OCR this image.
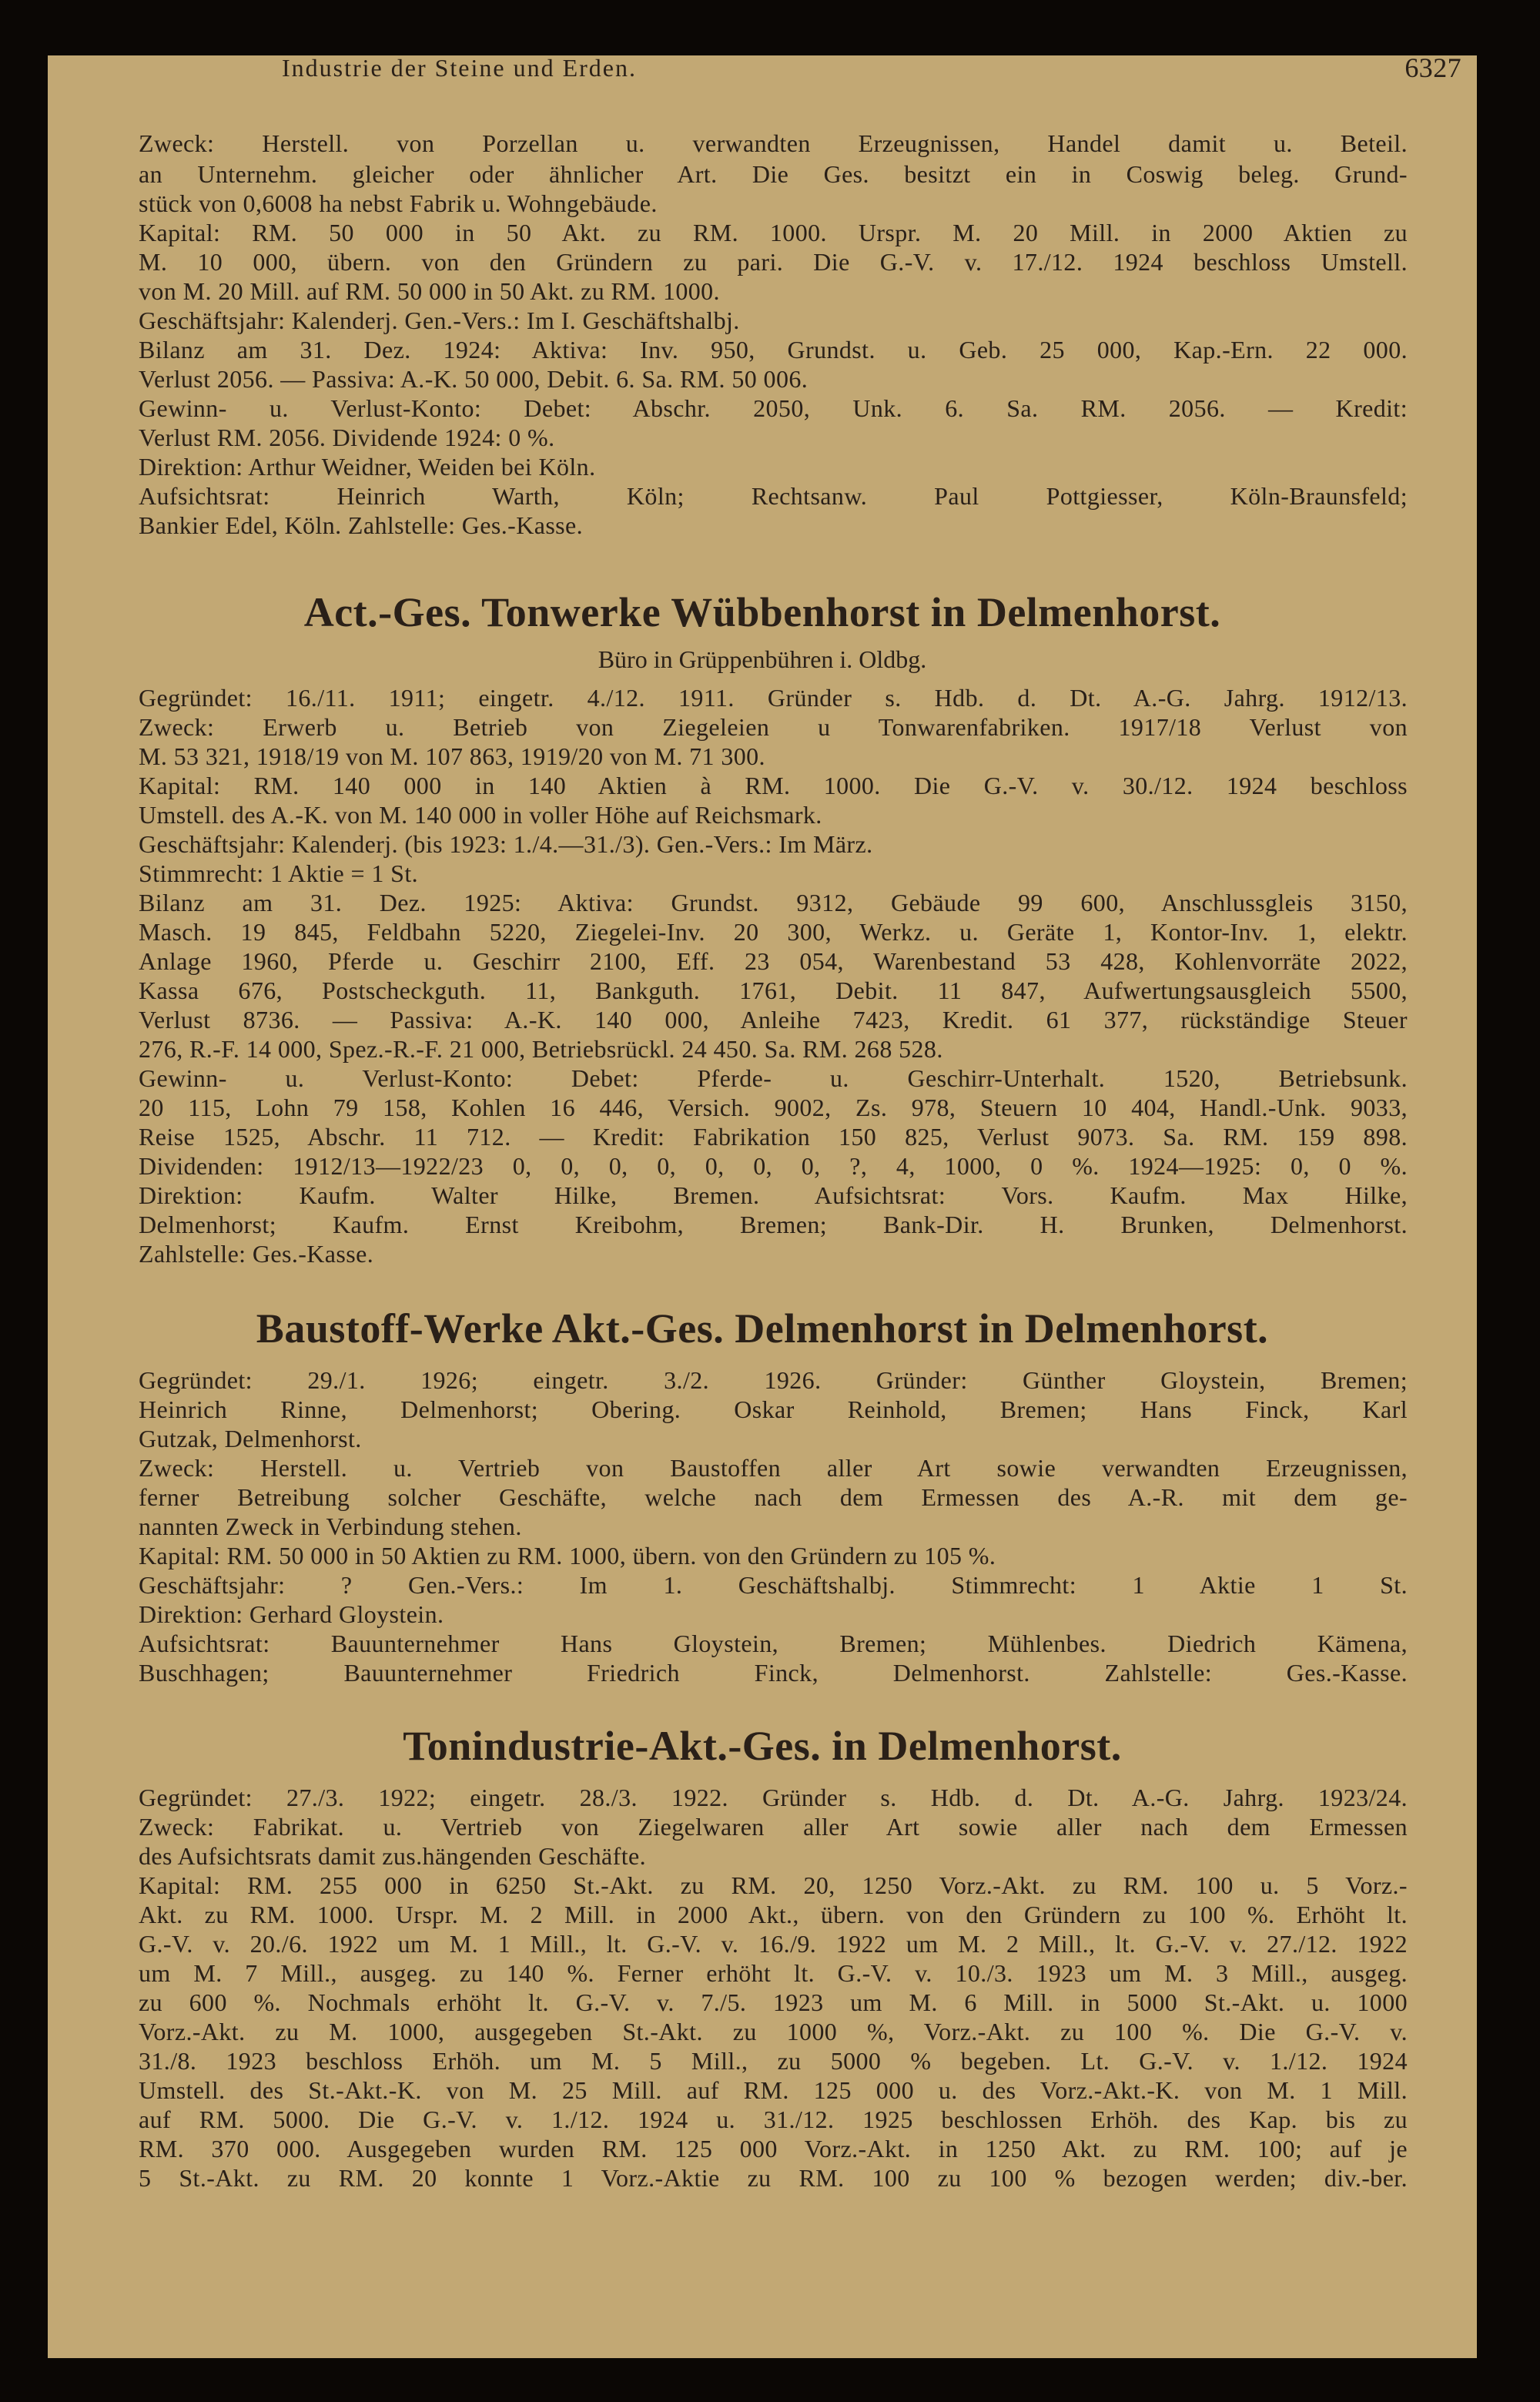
Industrie der Steine und Erden.	6327

Zweck: Herstell. von Porzellan u. verwandten Erzeugnissen, Handel damit u. Beteil.

an Unternehm. gleicher oder ähnlicher Art. Die Ges. besitzt ein in Coswig beleg. Grund-

stück von 0,6008 ha nebst Fabrik u. Wohngebäude.

Kapital: RM. 50 000 in 50 Akt. zu RM. 1000. Urspr. M. 20 Mill. in 2000 Aktien zu

M. 10 000, übern. von den Gründern zu pari. Die G.-V. v. 17./12. 1924 beschloss Umstell.

von M. 20 Mill. auf RM. 50 000 in 50 Akt. zu RM. 1000.

Geschäftsjahr: Kalenderj. Gen.-Vers.: Im I. Geschäftshalbj.

Bilanz am 31. Dez. 1924: Aktiva: Inv. 950, Grundst. u. Geb. 25 000, Kap.-Ern. 22 000.

Verlust 2056. — Passiva: A.-K. 50 000, Debit. 6. Sa. RM. 50 006.

Gewinn- u. Verlust-Konto: Debet: Abschr. 2050, Unk. 6. Sa. RM. 2056. — Kredit:

Verlust RM. 2056. Dividende 1924: 0 %.

Direktion: Arthur Weidner, Weiden bei Köln.

Aufsichtsrat: Heinrich Warth, Köln; Rechtsanw. Paul Pottgiesser, Köln-Braunsfeld;

Bankier Edel, Köln. Zahlstelle: Ges.-Kasse.

Act.-Ges. Tonwerke Wübbenhorst in Delmenhorst.

Büro in Grüppenbühren i. Oldbg.

Gegründet: 16./11. 1911; eingetr. 4./12. 1911. Gründer s. Hdb. d. Dt. A.-G. Jahrg. 1912/13.

Zweck: Erwerb u. Betrieb von Ziegeleien u Tonwarenfabriken. 1917/18 Verlust von

M. 53 321, 1918/19 von M. 107 863, 1919/20 von M. 71 300.

Kapital: RM. 140 000 in 140 Aktien à RM. 1000. Die G.-V. v. 30./12. 1924 beschloss

Umstell. des A.-K. von M. 140 000 in voller Höhe auf Reichsmark.

Geschäftsjahr: Kalenderj. (bis 1923: 1./4.—31./3). Gen.-Vers.: Im März.

Stimmrecht: 1 Aktie = 1 St.

Bilanz am 31. Dez. 1925: Aktiva: Grundst. 9312, Gebäude 99 600, Anschlussgleis 3150,

Masch. 19 845, Feldbahn 5220, Ziegelei-Inv. 20 300, Werkz. u. Geräte 1, Kontor-Inv. 1, elektr.

Anlage 1960, Pferde u. Geschirr 2100, Eff. 23 054, Warenbestand 53 428, Kohlenvorräte 2022,

Kassa 676, Postscheckguth. 11, Bankguth. 1761, Debit. 11 847, Aufwertungsausgleich 5500,

Verlust 8736. — Passiva: A.-K. 140 000, Anleihe 7423, Kredit. 61 377, rückständige Steuer

276, R.-F. 14 000, Spez.-R.-F. 21 000, Betriebsrückl. 24 450. Sa. RM. 268 528.

Gewinn- u. Verlust-Konto: Debet: Pferde- u. Geschirr-Unterhalt. 1520, Betriebsunk.

20 115, Lohn 79 158, Kohlen 16 446, Versich. 9002, Zs. 978, Steuern 10 404, Handl.-Unk. 9033,

Reise 1525, Abschr. 11 712. — Kredit: Fabrikation 150 825, Verlust 9073. Sa. RM. 159 898.

Dividenden: 1912/13—1922/23 0, 0, 0, 0, 0, 0, 0, ?, 4, 1000, 0 %. 1924—1925: 0, 0 %.

Direktion: Kaufm. Walter Hilke, Bremen. Aufsichtsrat: Vors. Kaufm. Max Hilke,

Delmenhorst; Kaufm. Ernst Kreibohm, Bremen; Bank-Dir. H. Brunken, Delmenhorst.

Zahlstelle: Ges.-Kasse.

Baustoff-Werke Akt.-Ges. Delmenhorst in Delmenhorst.

Gegründet: 29./1. 1926; eingetr. 3./2. 1926. Gründer: Günther Gloystein, Bremen;

Heinrich Rinne, Delmenhorst; Obering. Oskar Reinhold, Bremen; Hans Finck, Karl

Gutzak, Delmenhorst.

Zweck: Herstell. u. Vertrieb von Baustoffen aller Art sowie verwandten Erzeugnissen,

ferner Betreibung solcher Geschäfte, welche nach dem Ermessen des A.-R. mit dem ge-

nannten Zweck in Verbindung stehen.

Kapital: RM. 50 000 in 50 Aktien zu RM. 1000, übern. von den Gründern zu 105 %.

Geschäftsjahr: ? Gen.-Vers.: Im 1. Geschäftshalbj. Stimmrecht: 1 Aktie 1 St.

Direktion: Gerhard Gloystein.

Aufsichtsrat: Bauunternehmer Hans Gloystein, Bremen; Mühlenbes. Diedrich Kämena,

Buschhagen; Bauunternehmer Friedrich Finck, Delmenhorst. Zahlstelle: Ges.-Kasse.

Tonindustrie-Akt.-Ges. in Delmenhorst.

Gegründet: 27./3. 1922; eingetr. 28./3. 1922. Gründer s. Hdb. d. Dt. A.-G. Jahrg. 1923/24.

Zweck: Fabrikat. u. Vertrieb von Ziegelwaren aller Art sowie aller nach dem Ermessen

des Aufsichtsrats damit zus.hängenden Geschäfte.

Kapital: RM. 255 000 in 6250 St.-Akt. zu RM. 20, 1250 Vorz.-Akt. zu RM. 100 u. 5 Vorz.-

Akt. zu RM. 1000. Urspr. M. 2 Mill. in 2000 Akt., übern. von den Gründern zu 100 %. Erhöht lt.

G.-V. v. 20./6. 1922 um M. 1 Mill., lt. G.-V. v. 16./9. 1922 um M. 2 Mill., lt. G.-V. v. 27./12. 1922

um M. 7 Mill., ausgeg. zu 140 %. Ferner erhöht lt. G.-V. v. 10./3. 1923 um M. 3 Mill., ausgeg.

zu 600 %. Nochmals erhöht lt. G.-V. v. 7./5. 1923 um M. 6 Mill. in 5000 St.-Akt. u. 1000

Vorz.-Akt. zu M. 1000, ausgegeben St.-Akt. zu 1000 %, Vorz.-Akt. zu 100 %. Die G.-V. v.

31./8. 1923 beschloss Erhöh. um M. 5 Mill., zu 5000 % begeben. Lt. G.-V. v. 1./12. 1924

Umstell. des St.-Akt.-K. von M. 25 Mill. auf RM. 125 000 u. des Vorz.-Akt.-K. von M. 1 Mill.

auf RM. 5000. Die G.-V. v. 1./12. 1924 u. 31./12. 1925 beschlossen Erhöh. des Kap. bis zu

RM. 370 000. Ausgegeben wurden RM. 125 000 Vorz.-Akt. in 1250 Akt. zu RM. 100; auf je

5 St.-Akt. zu RM. 20 konnte 1 Vorz.-Aktie zu RM. 100 zu 100 % bezogen werden; div.-ber.
